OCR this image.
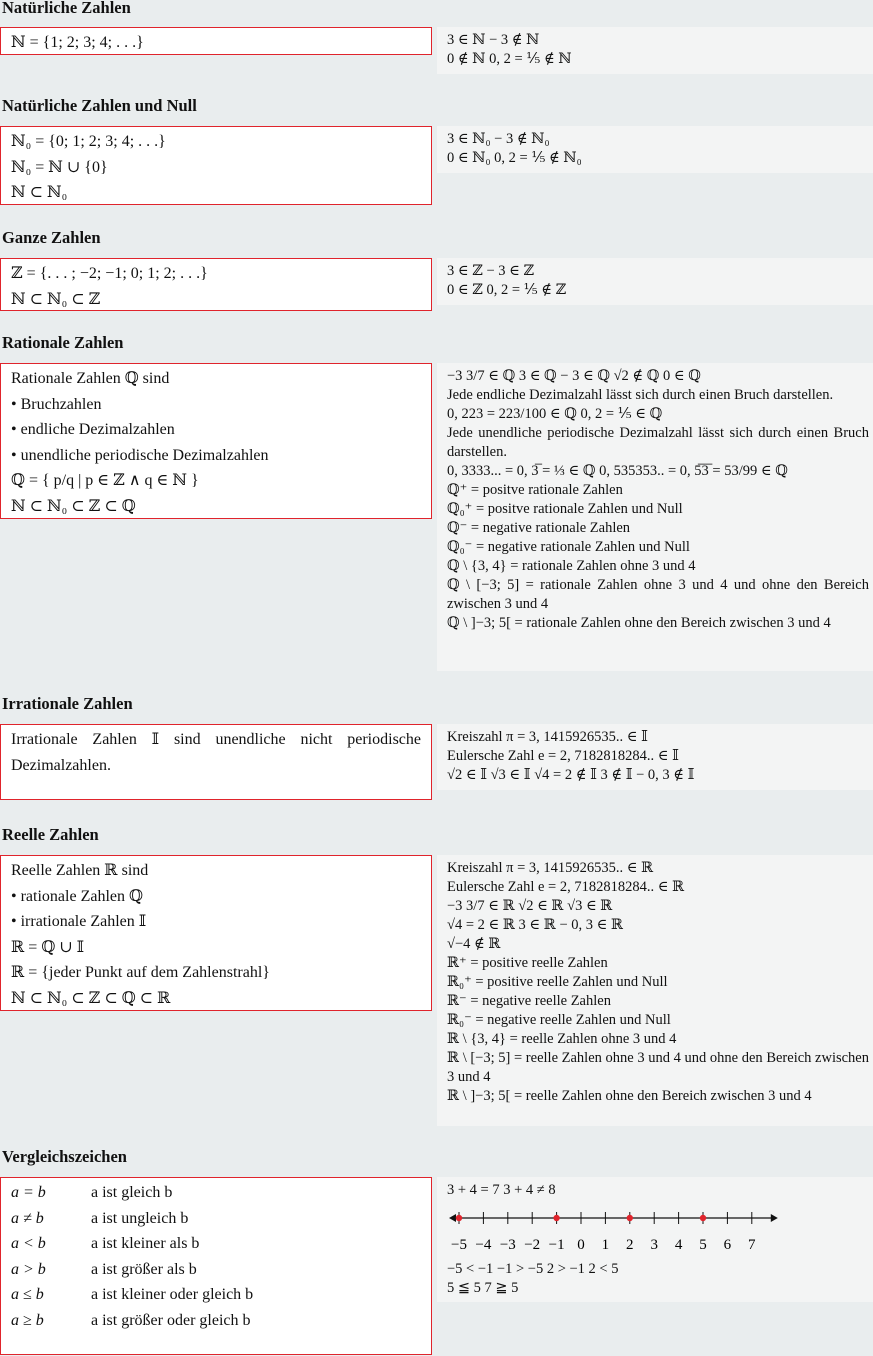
Natürliche Zahlen
ℕ = {1; 2; 3; 4; . . .}	3 ∈ ℕ − 3 ∉ ℕ
0 ∉ ℕ 0, 2 = ⅕ ∉ ℕ
Natürliche Zahlen und Null
ℕ₀ = {0; 1; 2; 3; 4; . . .}
ℕ₀ = ℕ ∪ {0}
ℕ ⊂ ℕ₀
3 ∈ ℕ₀ − 3 ∉ ℕ₀
0 ∈ ℕ₀ 0, 2 = ⅕ ∉ ℕ₀
Ganze Zahlen
ℤ = {. . . ; −2; −1; 0; 1; 2; . . .}
ℕ ⊂ ℕ₀ ⊂ ℤ
3 ∈ ℤ − 3 ∈ ℤ
0 ∈ ℤ 0, 2 = ⅕ ∉ ℤ
Rationale Zahlen
Rationale Zahlen ℚ sind
• Bruchzahlen
• endliche Dezimalzahlen
• unendliche periodische Dezimalzahlen
ℚ = { p/q | p ∈ ℤ ∧ q ∈ ℕ }
ℕ ⊂ ℕ₀ ⊂ ℤ ⊂ ℚ
−3 3/7 ∈ ℚ 3 ∈ ℚ − 3 ∈ ℚ √2 ∉ ℚ 0 ∈ ℚ
Jede endliche Dezimalzahl lässt sich durch einen Bruch darstellen.
0, 223 = 223/100 ∈ ℚ 0, 2 = ⅕ ∈ ℚ
Jede unendliche periodische Dezimalzahl lässt sich durch einen Bruch darstellen.
0, 3333... = 0, 3̅ = ⅓ ∈ ℚ 0, 535353.. = 0, 5̅3̅ = 53/99 ∈ ℚ
ℚ⁺ = positve rationale Zahlen
ℚ₀⁺ = positve rationale Zahlen und Null
ℚ⁻ = negative rationale Zahlen
ℚ₀⁻ = negative rationale Zahlen und Null
ℚ \ {3, 4} = rationale Zahlen ohne 3 und 4
ℚ \ [−3; 5] = rationale Zahlen ohne 3 und 4 und ohne den Bereich zwischen 3 und 4
ℚ \ ]−3; 5[ = rationale Zahlen ohne den Bereich zwischen 3 und 4
Irrationale Zahlen
Irrationale Zahlen 𝕀 sind unendliche nicht periodische Dezimalzahlen.
Kreiszahl π = 3, 1415926535.. ∈ 𝕀
Eulersche Zahl e = 2, 7182818284.. ∈ 𝕀
√2 ∈ 𝕀 √3 ∈ 𝕀 √4 = 2 ∉ 𝕀 3 ∉ 𝕀 − 0, 3 ∉ 𝕀
Reelle Zahlen
Reelle Zahlen ℝ sind
• rationale Zahlen ℚ
• irrationale Zahlen 𝕀
ℝ = ℚ ∪ 𝕀
ℝ = {jeder Punkt auf dem Zahlenstrahl}
ℕ ⊂ ℕ₀ ⊂ ℤ ⊂ ℚ ⊂ ℝ
Kreiszahl π = 3, 1415926535.. ∈ ℝ
Eulersche Zahl e = 2, 7182818284.. ∈ ℝ
−3 3/7 ∈ ℝ √2 ∈ ℝ √3 ∈ ℝ
√4 = 2 ∈ ℝ 3 ∈ ℝ − 0, 3 ∈ ℝ
√−4 ∉ ℝ
ℝ⁺ = positive reelle Zahlen
ℝ₀⁺ = positive reelle Zahlen und Null
ℝ⁻ = negative reelle Zahlen
ℝ₀⁻ = negative reelle Zahlen und Null
ℝ \ {3, 4} = reelle Zahlen ohne 3 und 4
ℝ \ [−3; 5] = reelle Zahlen ohne 3 und 4 und ohne den Bereich zwischen 3 und 4
ℝ \ ]−3; 5[ = reelle Zahlen ohne den Bereich zwischen 3 und 4
Vergleichszeichen
a = b	a ist gleich b
a ≠ b	a ist ungleich b
a < b	a ist kleiner als b
a > b	a ist größer als b
a ≤ b	a ist kleiner oder gleich b
a ≥ b	a ist größer oder gleich b
3 + 4 = 7 3 + 4 ≠ 8
−5 −4 −3 −2 −1 0 1 2 3 4 5 6 7
−5 < −1 −1 > −5 2 > −1 2 < 5
5 ≦ 5 7 ≧ 5
